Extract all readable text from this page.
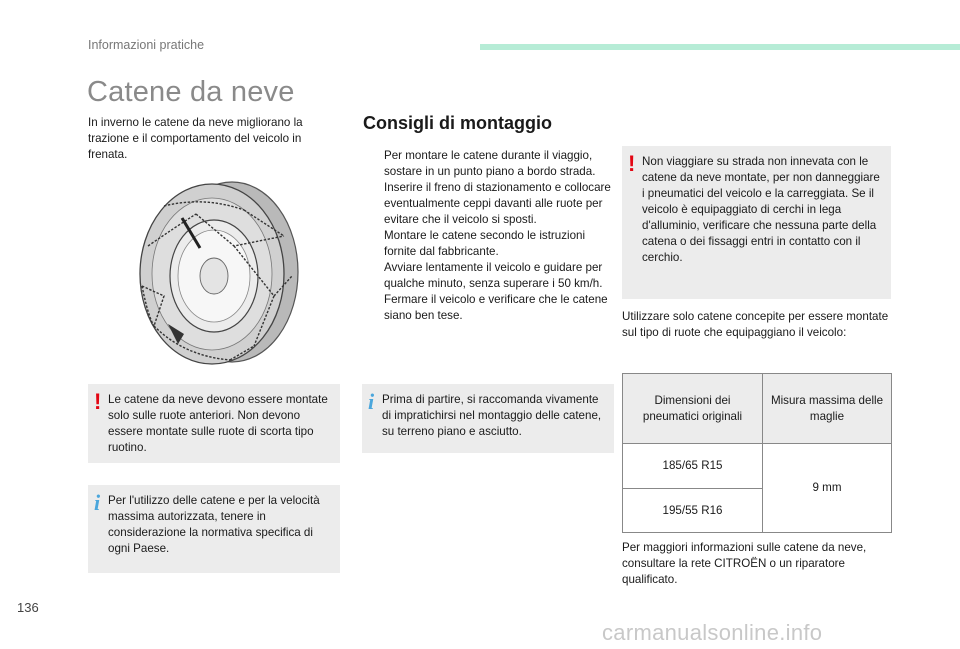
Informazioni pratiche
Catene da neve

In inverno le catene da neve migliorano la trazione e il comportamento del veicolo in frenata.

! Le catene da neve devono essere montate solo sulle ruote anteriori. Non devono essere montate sulle ruote di scorta tipo ruotino.

i Per l'utilizzo delle catene e per la velocità massima autorizzata, tenere in considerazione la normativa specifica di ogni Paese.

Consigli di montaggio
Per montare le catene durante il viaggio, sostare in un punto piano a bordo strada.
Inserire il freno di stazionamento e collocare eventualmente ceppi davanti alle ruote per evitare che il veicolo si sposti.
Montare le catene secondo le istruzioni fornite dal fabbricante.
Avviare lentamente il veicolo e guidare per qualche minuto, senza superare i 50 km/h.
Fermare il veicolo e verificare che le catene siano ben tese.
i Prima di partire, si raccomanda vivamente di impratichirsi nel montaggio delle catene, su terreno piano e asciutto.

! Non viaggiare su strada non innevata con le catene da neve montate, per non danneggiare i pneumatici del veicolo e la carreggiata. Se il veicolo è equipaggiato di cerchi in lega d'alluminio, verificare che nessuna parte della catena o dei fissaggi entri in contatto con il cerchio.

Utilizzare solo catene concepite per essere montate sul tipo di ruote che equipaggiano il veicolo:

Dimensioni dei pneumatici originali	Misura massima delle maglie
185/65 R15	9 mm
195/55 R16	

Per maggiori informazioni sulle catene da neve, consultare la rete CITROËN o un riparatore qualificato.

136
carmanualsonline.info
